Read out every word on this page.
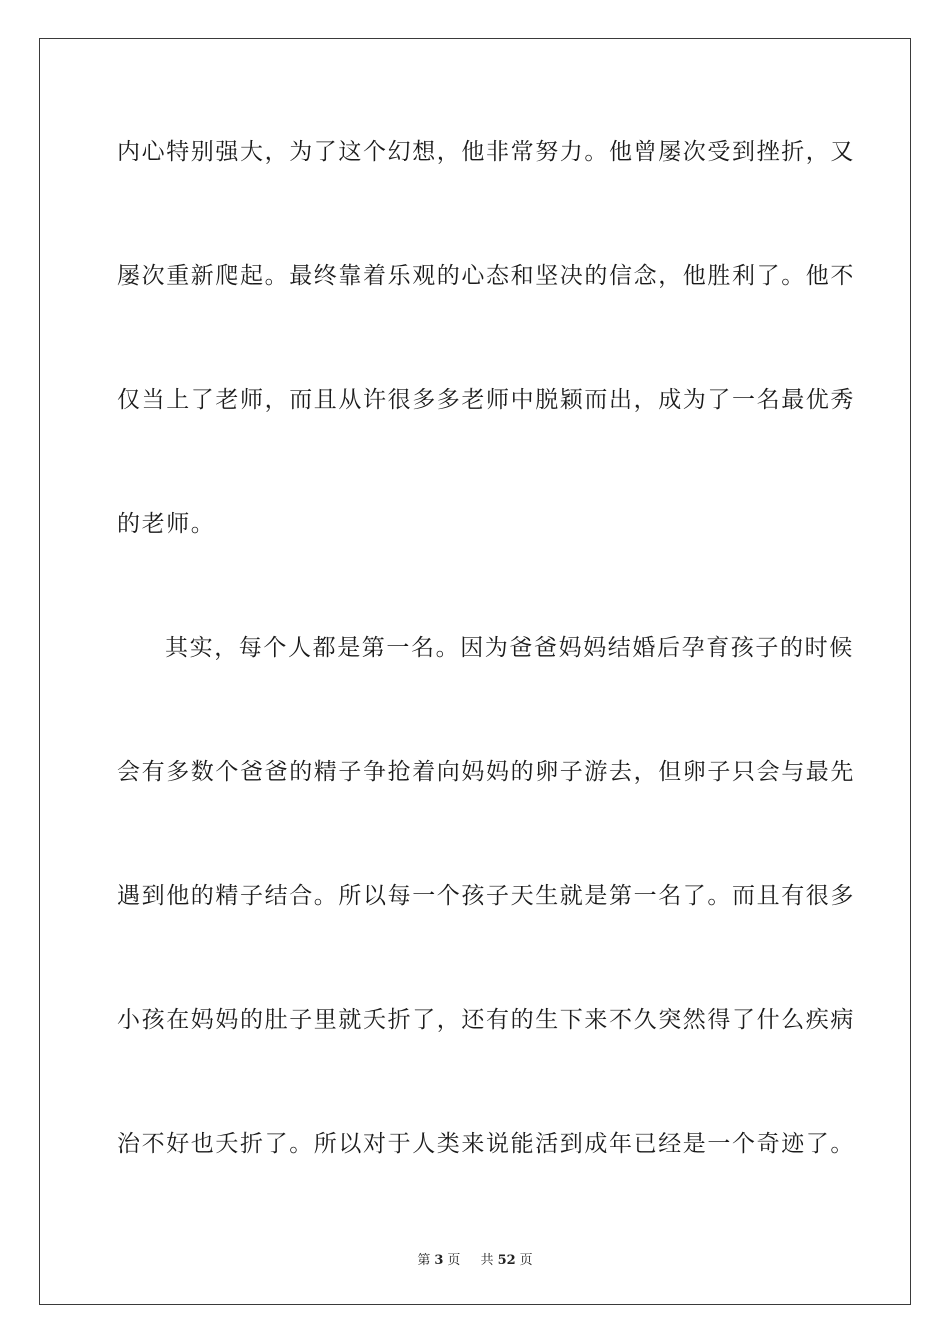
内心特别强大，为了这个幻想，他非常努力。他曾屡次受到挫折，又
屡次重新爬起。最终靠着乐观的心态和坚决的信念，他胜利了。他不
仅当上了老师，而且从许很多多老师中脱颖而出，成为了一名最优秀
的老师。
其实，每个人都是第一名。因为爸爸妈妈结婚后孕育孩子的时候
会有多数个爸爸的精子争抢着向妈妈的卵子游去，但卵子只会与最先
遇到他的精子结合。所以每一个孩子天生就是第一名了。而且有很多
小孩在妈妈的肚子里就夭折了，还有的生下来不久突然得了什么疾病
治不好也夭折了。所以对于人类来说能活到成年已经是一个奇迹了。
第 3 页 共 52 页
